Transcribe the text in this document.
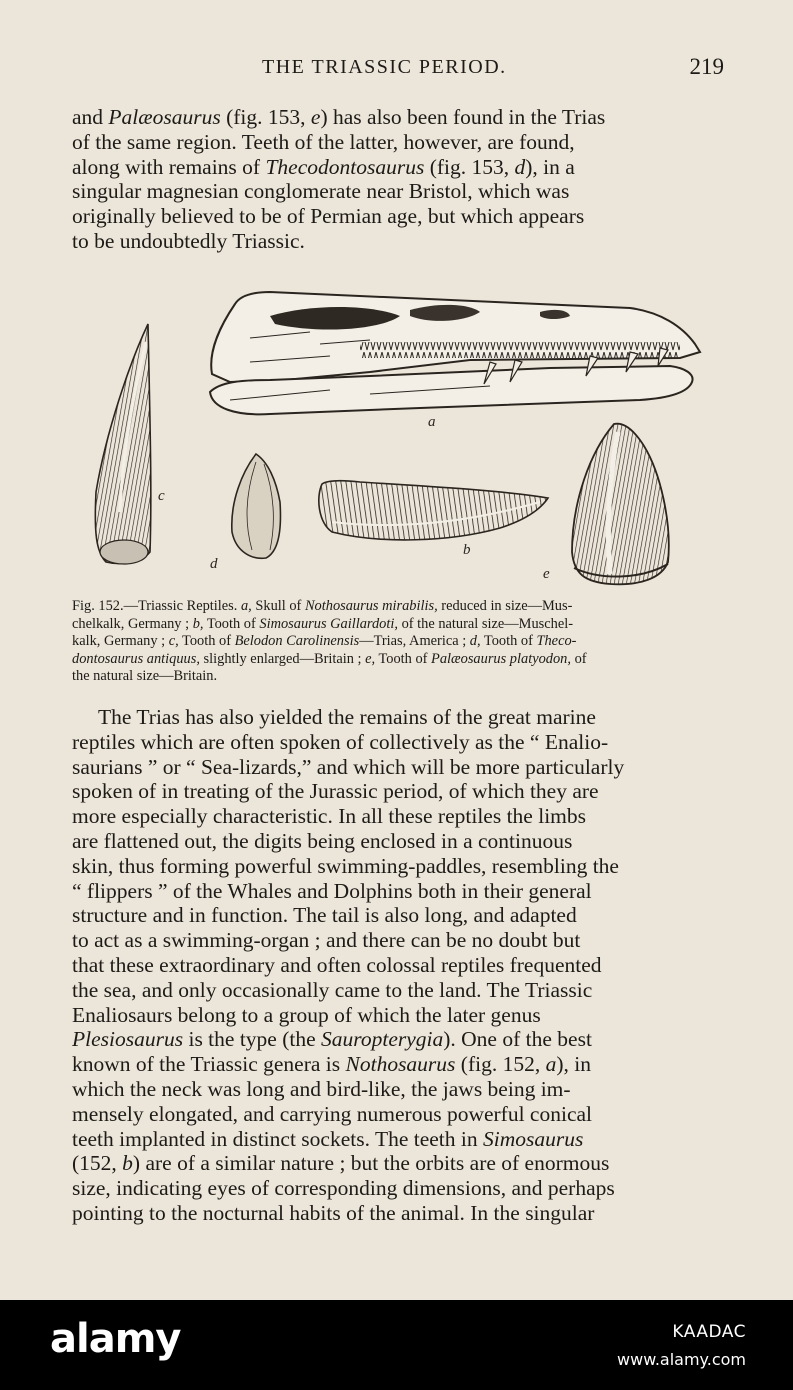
THE TRIASSIC PERIOD.	219
and Palæosaurus (fig. 153, e) has also been found in the Trias
of the same region. Teeth of the latter, however, are found,
along with remains of Thecodontosaurus (fig. 153, d), in a
singular magnesian conglomerate near Bristol, which was
originally believed to be of Permian age, but which appears
to be undoubtedly Triassic.
a
c
d
b
e
Fig. 152.—Triassic Reptiles. a, Skull of Nothosaurus mirabilis, reduced in size—Mus-
chelkalk, Germany ; b, Tooth of Simosaurus Gaillardoti, of the natural size—Muschel-
kalk, Germany ; c, Tooth of Belodon Carolinensis—Trias, America ; d, Tooth of Theco-
dontosaurus antiquus, slightly enlarged—Britain ; e, Tooth of Palæosaurus platyodon, of
the natural size—Britain.
The Trias has also yielded the remains of the great marine
reptiles which are often spoken of collectively as the “ Enalio-
saurians ” or “ Sea-lizards,” and which will be more particularly
spoken of in treating of the Jurassic period, of which they are
more especially characteristic. In all these reptiles the limbs
are flattened out, the digits being enclosed in a continuous
skin, thus forming powerful swimming-paddles, resembling the
“ flippers ” of the Whales and Dolphins both in their general
structure and in function. The tail is also long, and adapted
to act as a swimming-organ ; and there can be no doubt but
that these extraordinary and often colossal reptiles frequented
the sea, and only occasionally came to the land. The Triassic
Enaliosaurs belong to a group of which the later genus
Plesiosaurus is the type (the Sauropterygia). One of the best
known of the Triassic genera is Nothosaurus (fig. 152, a), in
which the neck was long and bird-like, the jaws being im-
mensely elongated, and carrying numerous powerful conical
teeth implanted in distinct sockets. The teeth in Simosaurus
(152, b) are of a similar nature ; but the orbits are of enormous
size, indicating eyes of corresponding dimensions, and perhaps
pointing to the nocturnal habits of the animal. In the singular
alamy	KAADAC
www.alamy.com
